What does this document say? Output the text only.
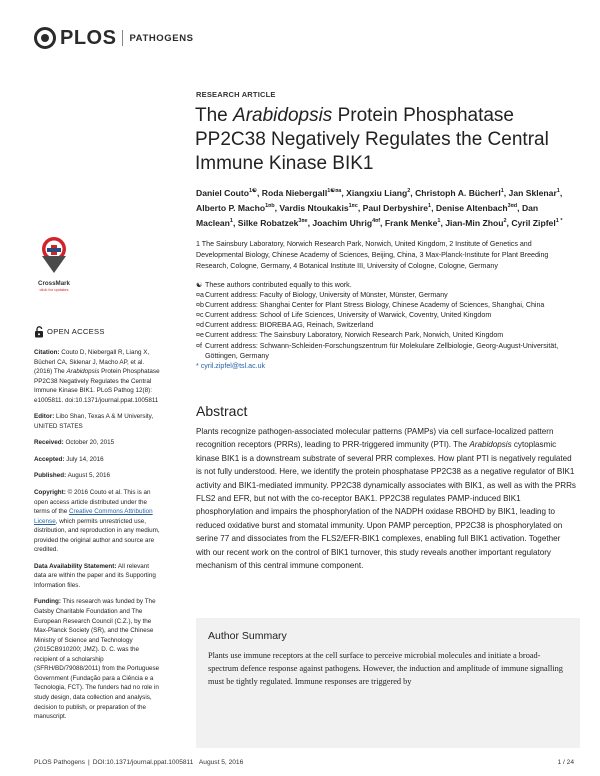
PLOS PATHOGENS
RESEARCH ARTICLE
The Arabidopsis Protein Phosphatase PP2C38 Negatively Regulates the Central Immune Kinase BIK1
Daniel Couto$^{1☯}$, Roda Niebergall$^{1☯¤a}$, Xiangxiu Liang$^2$, Christoph A. Bücherl$^1$, Jan Sklenar$^1$, Alberto P. Macho$^{1¤b}$, Vardis Ntoukakis$^{1¤c}$, Paul Derbyshire$^1$, Denise Altenbach$^{3¤d}$, Dan Maclean$^1$, Silke Robatzek$^{3¤e}$, Joachim Uhrig$^{4¤f}$, Frank Menke$^1$, Jian-Min Zhou$^2$, Cyril Zipfel$^{1 *}$
1 The Sainsbury Laboratory, Norwich Research Park, Norwich, United Kingdom, 2 Institute of Genetics and Developmental Biology, Chinese Academy of Sciences, Beijing, China, 3 Max-Planck-Institute for Plant Breeding Research, Cologne, Germany, 4 Botanical Institute III, University of Cologne, Cologne, Germany
☯ These authors contributed equally to this work.
¤a Current address: Faculty of Biology, University of Münster, Münster, Germany
¤b Current address: Shanghai Center for Plant Stress Biology, Chinese Academy of Sciences, Shanghai, China
¤c Current address: School of Life Sciences, University of Warwick, Coventry, United Kingdom
¤d Current address: BIOREBA AG, Reinach, Switzerland
¤e Current address: The Sainsbury Laboratory, Norwich Research Park, Norwich, United Kingdom
¤f Current address: Schwann-Schleiden-Forschungszentrum für Molekulare Zellbiologie, Georg-August-Universität, Göttingen, Germany
* cyril.zipfel@tsl.ac.uk
CrossMark
click for updates
OPEN ACCESS

Citation: Couto D, Niebergall R, Liang X, Bücherl CA, Sklenar J, Macho AP, et al. (2016) The Arabidopsis Protein Phosphatase PP2C38 Negatively Regulates the Central Immune Kinase BIK1. PLoS Pathog 12(8): e1005811. doi:10.1371/journal.ppat.1005811

Editor: Libo Shan, Texas A & M University, UNITED STATES

Received: October 20, 2015

Accepted: July 14, 2016

Published: August 5, 2016

Copyright: © 2016 Couto et al. This is an open access article distributed under the terms of the Creative Commons Attribution License, which permits unrestricted use, distribution, and reproduction in any medium, provided the original author and source are credited.

Data Availability Statement: All relevant data are within the paper and its Supporting Information files.

Funding: This research was funded by The Gatsby Charitable Foundation and The European Research Council (C.Z.), by the Max-Planck Society (SR), and the Chinese Ministry of Science and Technology (2015CB910200; JMZ). D. C. was the recipient of a scholarship (SFRH/BD/79088/2011) from the Portuguese Government (Fundação para a Ciência e a Tecnologia, FCT). The funders had no role in study design, data collection and analysis, decision to publish, or preparation of the manuscript.

Abstract

Plants recognize pathogen-associated molecular patterns (PAMPs) via cell surface-localized pattern recognition receptors (PRRs), leading to PRR-triggered immunity (PTI). The Arabidopsis cytoplasmic kinase BIK1 is a downstream substrate of several PRR complexes. How plant PTI is negatively regulated is not fully understood. Here, we identify the protein phosphatase PP2C38 as a negative regulator of BIK1 activity and BIK1-mediated immunity. PP2C38 dynamically associates with BIK1, as well as with the PRRs FLS2 and EFR, but not with the co-receptor BAK1. PP2C38 regulates PAMP-induced BIK1 phosphorylation and impairs the phosphorylation of the NADPH oxidase RBOHD by BIK1, leading to reduced oxidative burst and stomatal immunity. Upon PAMP perception, PP2C38 is phosphorylated on serine 77 and dissociates from the FLS2/EFR-BIK1 complexes, enabling full BIK1 activation. Together with our recent work on the control of BIK1 turnover, this study reveals another important regulatory mechanism of this central immune component.

Author Summary

Plants use immune receptors at the cell surface to perceive microbial molecules and initiate a broad-spectrum defence response against pathogens. However, the induction and amplitude of immune signalling must be tightly regulated. Immune responses are triggered by

PLOS Pathogens | DOI:10.1371/journal.ppat.1005811 August 5, 2016	1 / 24
